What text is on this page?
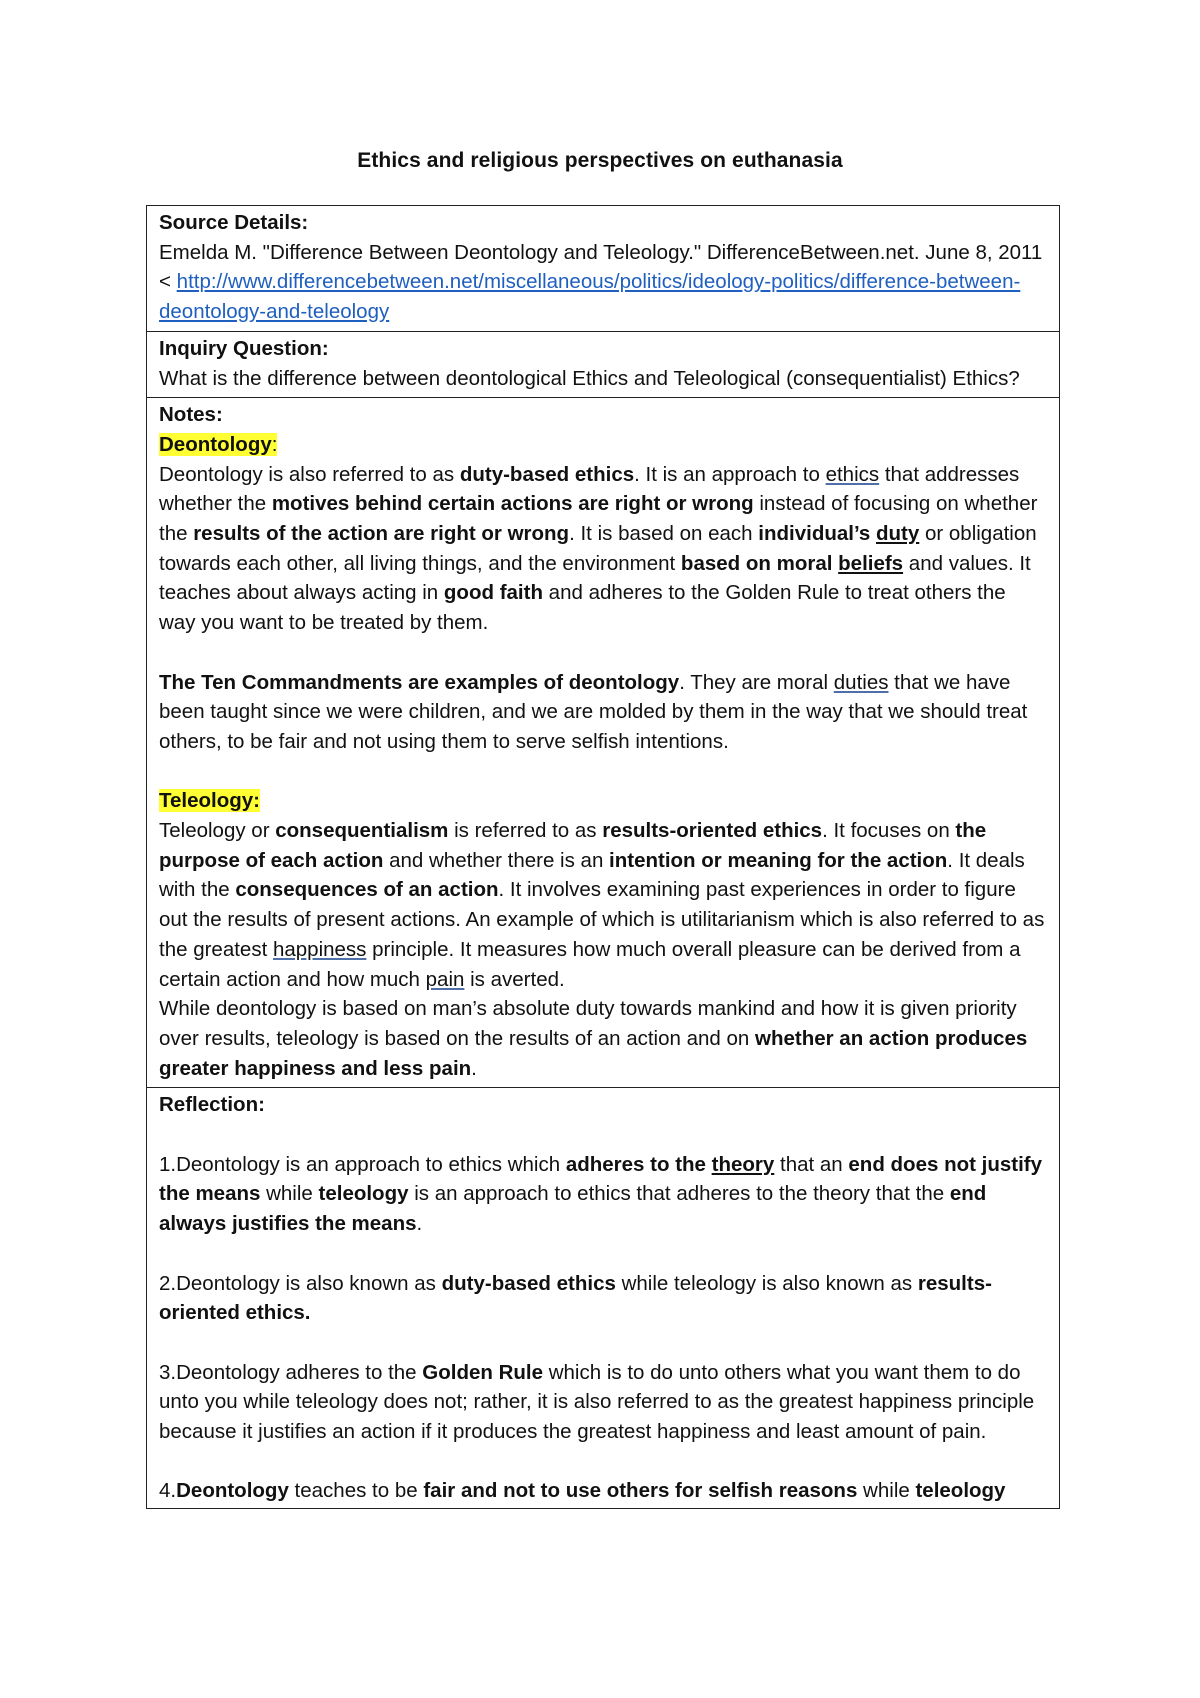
Ethics and religious perspectives on euthanasia

Source Details:

Emelda M. "Difference Between Deontology and Teleology." DifferenceBetween.net. June 8, 2011 < http://www.differencebetween.net/miscellaneous/politics/ideology-politics/difference-between-deontology-and-teleology

Inquiry Question:

What is the difference between deontological Ethics and Teleological (consequentialist) Ethics?

Notes:

Deontology:

Deontology is also referred to as duty-based ethics. It is an approach to ethics that addresses whether the motives behind certain actions are right or wrong instead of focusing on whether the results of the action are right or wrong. It is based on each individual’s duty or obligation towards each other, all living things, and the environment based on moral beliefs and values. It teaches about always acting in good faith and adheres to the Golden Rule to treat others the way you want to be treated by them.

The Ten Commandments are examples of deontology. They are moral duties that we have been taught since we were children, and we are molded by them in the way that we should treat others, to be fair and not using them to serve selfish intentions.

Teleology:

Teleology or consequentialism is referred to as results-oriented ethics. It focuses on the purpose of each action and whether there is an intention or meaning for the action. It deals with the consequences of an action. It involves examining past experiences in order to figure out the results of present actions. An example of which is utilitarianism which is also referred to as the greatest happiness principle. It measures how much overall pleasure can be derived from a certain action and how much pain is averted.

While deontology is based on man’s absolute duty towards mankind and how it is given priority over results, teleology is based on the results of an action and on whether an action produces greater happiness and less pain.

Reflection:

1.Deontology is an approach to ethics which adheres to the theory that an end does not justify the means while teleology is an approach to ethics that adheres to the theory that the end always justifies the means.

2.Deontology is also known as duty-based ethics while teleology is also known as results-oriented ethics.

3.Deontology adheres to the Golden Rule which is to do unto others what you want them to do unto you while teleology does not; rather, it is also referred to as the greatest happiness principle because it justifies an action if it produces the greatest happiness and least amount of pain.

4.Deontology teaches to be fair and not to use others for selfish reasons while teleology
